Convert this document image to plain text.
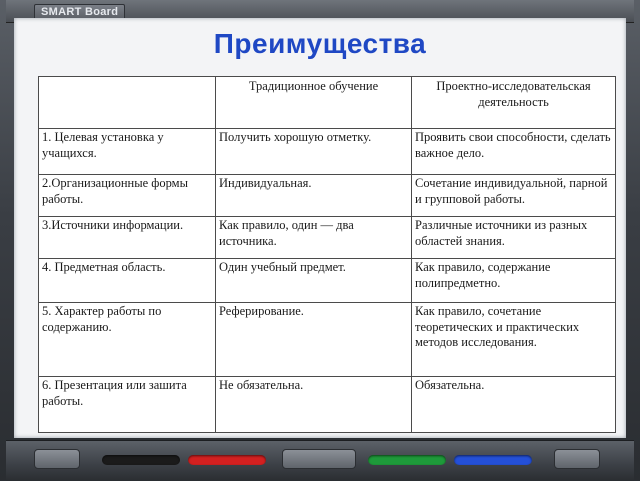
SMART Board
Преимущества
	Традиционное обучение	Проектно-исследовательская деятельность
1. Целевая установка у учащихся.	Получить хорошую отметку.	Проявить свои способности, сделать важное дело.
2.Организационные формы работы.	Индивидуальная.	Сочетание индивидуальной, парной и групповой работы.
3.Источники информации.	Как правило, один — два источника.	Различные источники из разных областей знания.
4. Предметная область.	Один учебный предмет.	Как правило, содержание полипредметно.
5. Характер работы по содержанию.	Реферирование.	Как правило, сочетание теоретических и практических методов исследования.
6. Презентация или зашита работы.	Не обязательна.	Обязательна.
